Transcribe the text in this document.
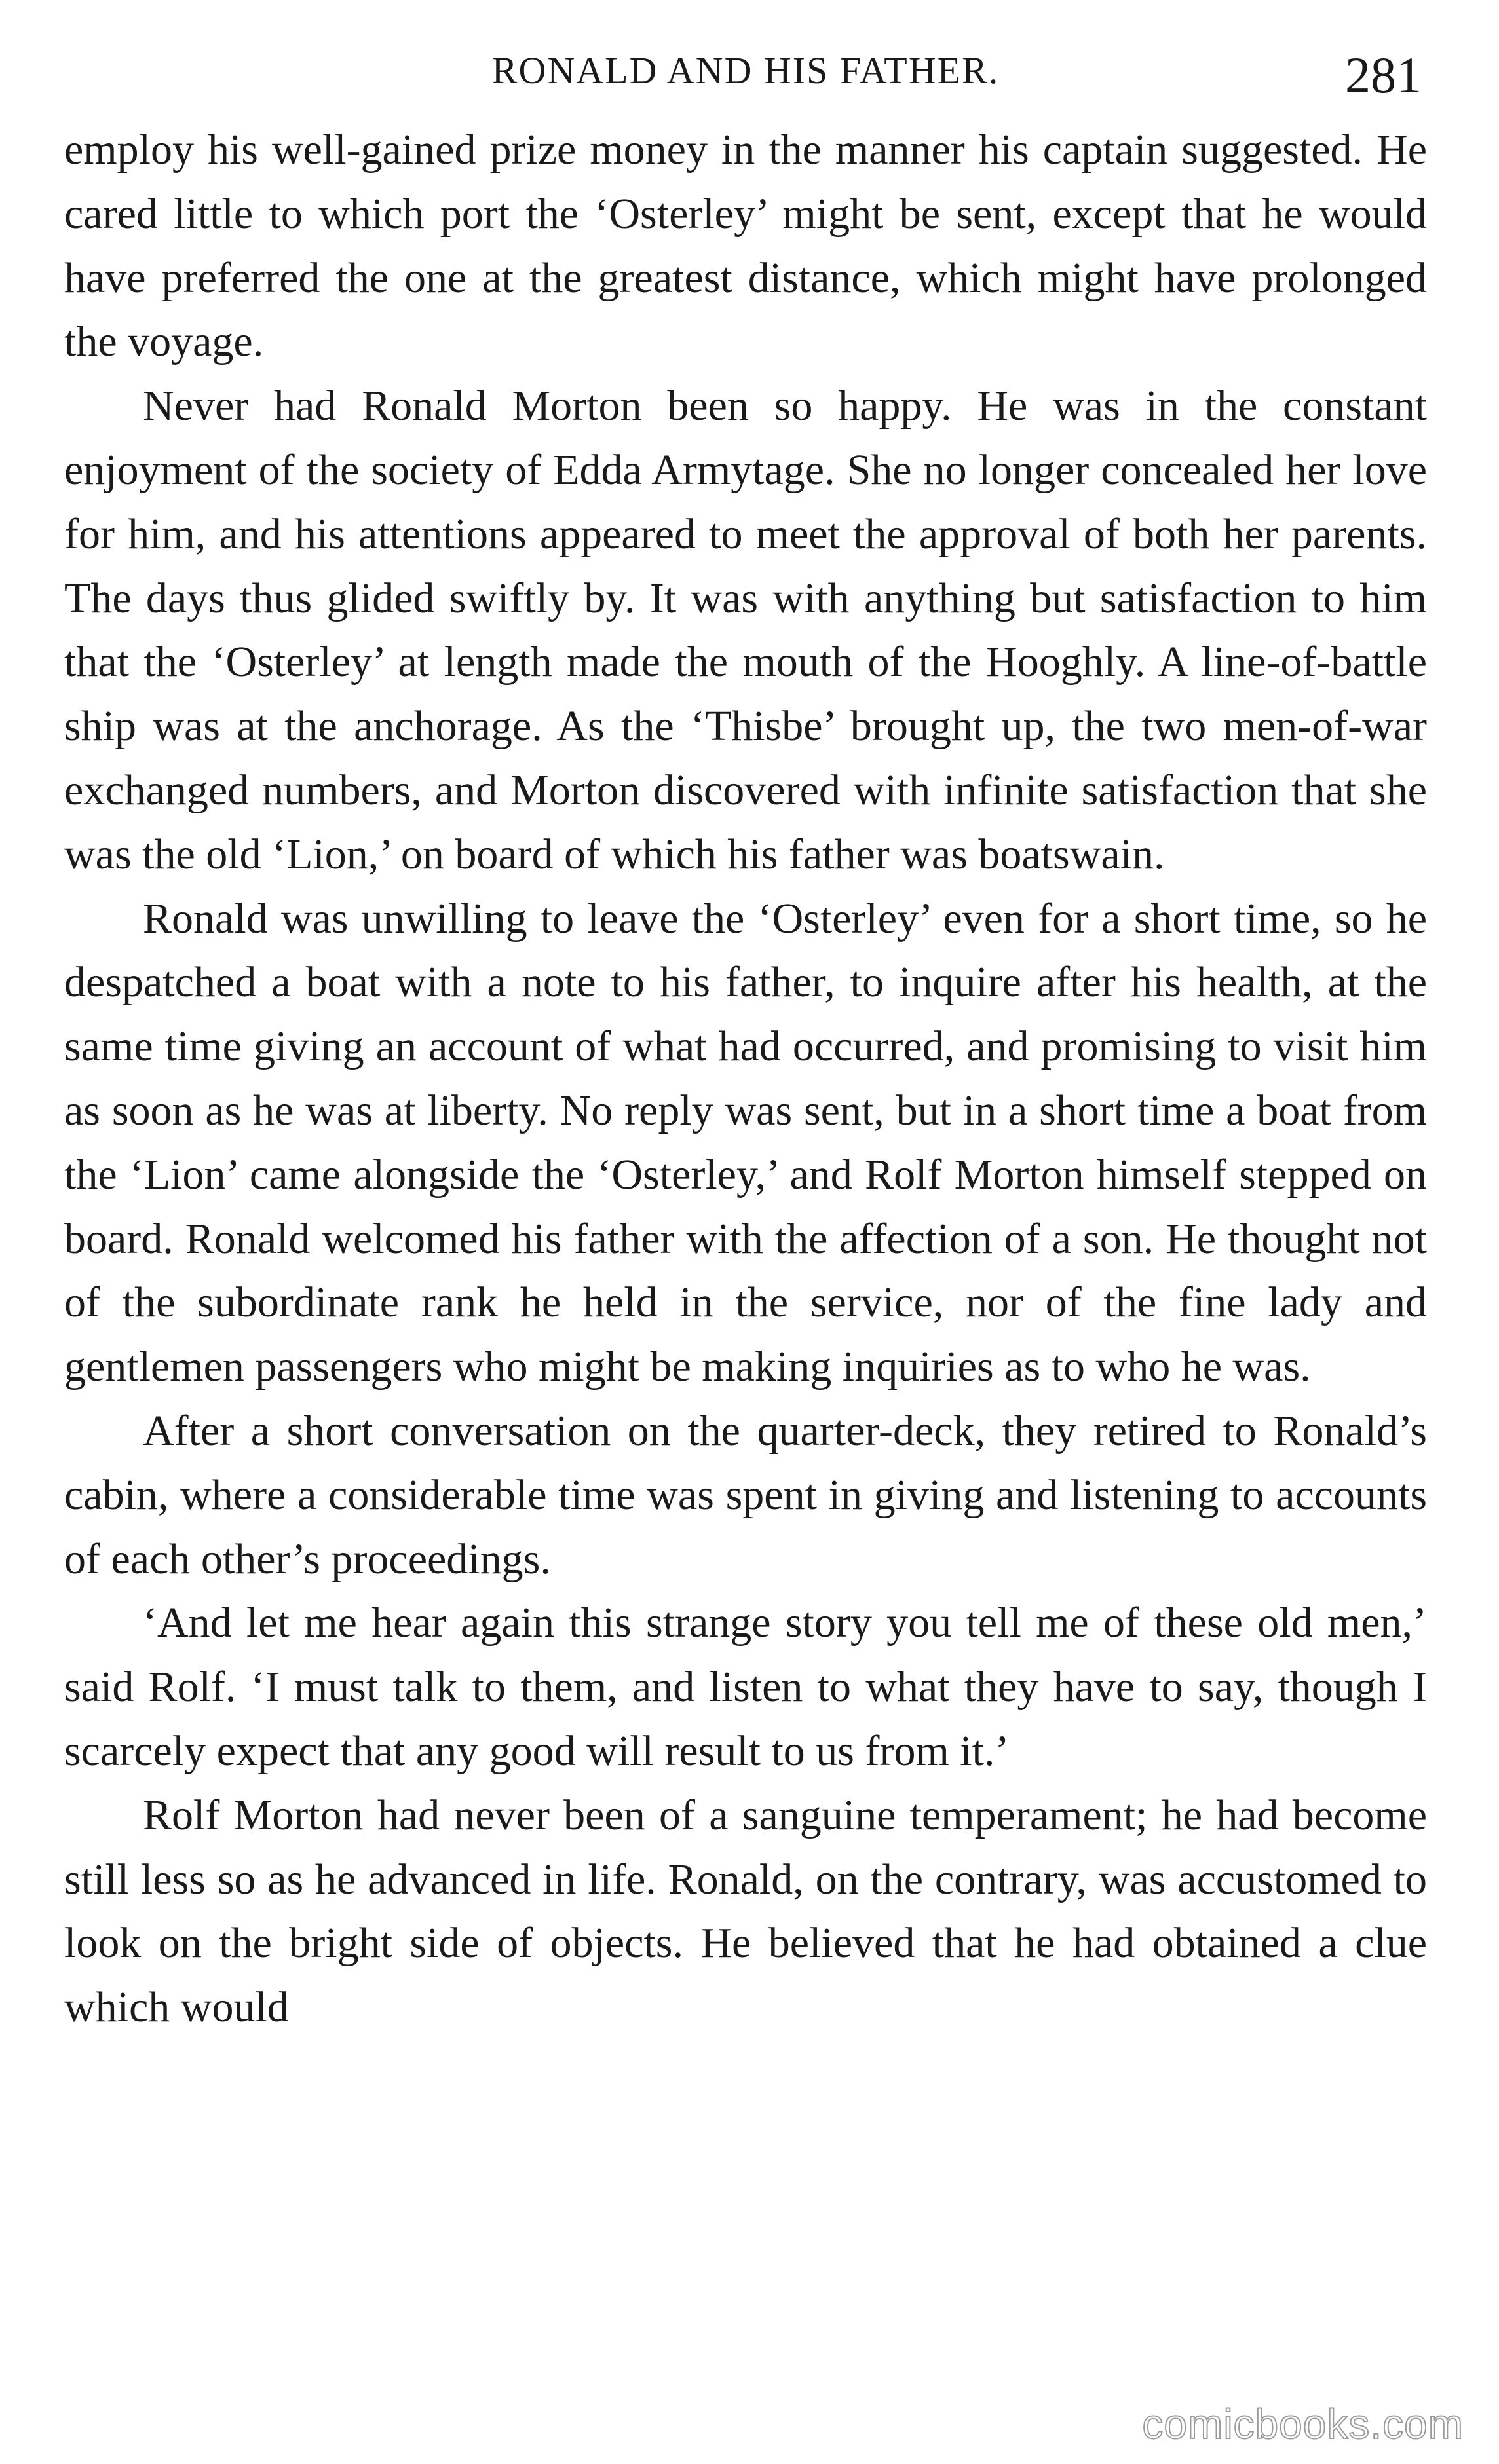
RONALD AND HIS FATHER.	281

employ his well-gained prize money in the manner his captain suggested. He cared little to which port the ‘Osterley’ might be sent, except that he would have preferred the one at the greatest distance, which might have prolonged the voyage.

Never had Ronald Morton been so happy. He was in the constant enjoyment of the society of Edda Armytage. She no longer concealed her love for him, and his attentions appeared to meet the approval of both her parents. The days thus glided swiftly by. It was with anything but satisfaction to him that the ‘Osterley’ at length made the mouth of the Hooghly. A line-of-battle ship was at the anchorage. As the ‘Thisbe’ brought up, the two men-of-war exchanged numbers, and Morton discovered with infinite satisfaction that she was the old ‘Lion,’ on board of which his father was boatswain.

Ronald was unwilling to leave the ‘Osterley’ even for a short time, so he despatched a boat with a note to his father, to inquire after his health, at the same time giving an account of what had occurred, and promising to visit him as soon as he was at liberty. No reply was sent, but in a short time a boat from the ‘Lion’ came alongside the ‘Osterley,’ and Rolf Morton himself stepped on board. Ronald welcomed his father with the affection of a son. He thought not of the subordinate rank he held in the service, nor of the fine lady and gentlemen passengers who might be making inquiries as to who he was.

After a short conversation on the quarter-deck, they retired to Ronald’s cabin, where a considerable time was spent in giving and listening to accounts of each other’s proceedings.

‘And let me hear again this strange story you tell me of these old men,’ said Rolf. ‘I must talk to them, and listen to what they have to say, though I scarcely expect that any good will result to us from it.’

Rolf Morton had never been of a sanguine temperament; he had become still less so as he advanced in life. Ronald, on the contrary, was accustomed to look on the bright side of objects. He believed that he had obtained a clue which would

comicbooks.com
